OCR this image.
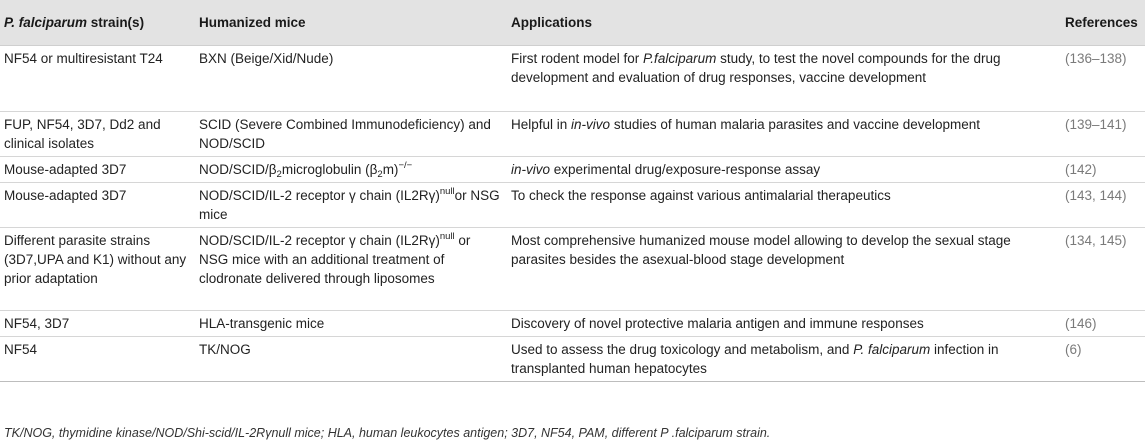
P. falciparum strain(s)	Humanized mice	Applications	References
NF54 or multiresistant T24	BXN (Beige/Xid/Nude)	First rodent model for P.falciparum study, to test the novel compounds for the drug development and evaluation of drug responses, vaccine development	(136–138)
FUP, NF54, 3D7, Dd2 and clinical isolates	SCID (Severe Combined Immunodeficiency) and NOD/SCID	Helpful in in-vivo studies of human malaria parasites and vaccine development	(139–141)
Mouse-adapted 3D7	NOD/$SCID/\beta_2microglobulin$ $(\beta_2m)^{-/-}$	in-vivo experimental drug/exposure-response assay	(142)
Mouse-adapted 3D7	NOD/SCID/IL-2 receptor γ chain $(IL2R\gamma)^{null}or$ NSG mice	To check the response against various antimalarial therapeutics	(143, 144)
Different parasite strains (3D7,UPA and K1) without any prior adaptation	NOD/SCID/IL-2 receptor γ chain $(IL2R\gamma)^{null}$ or NSG mice with an additional treatment of clodronate delivered through liposomes	Most comprehensive humanized mouse model allowing to develop the sexual stage parasites besides the asexual-blood stage development	(134, 145)
NF54, 3D7	HLA-transgenic mice	Discovery of novel protective malaria antigen and immune responses	(146)
NF54	TK/NOG	Used to assess the drug toxicology and metabolism, and P. falciparum infection in transplanted human hepatocytes	(6)
TK/NOG, thymidine kinase/NOD/Shi-scid/IL-2Rγnull mice; HLA, human leukocytes antigen; 3D7, NF54, PAM, different P .falciparum strain.
